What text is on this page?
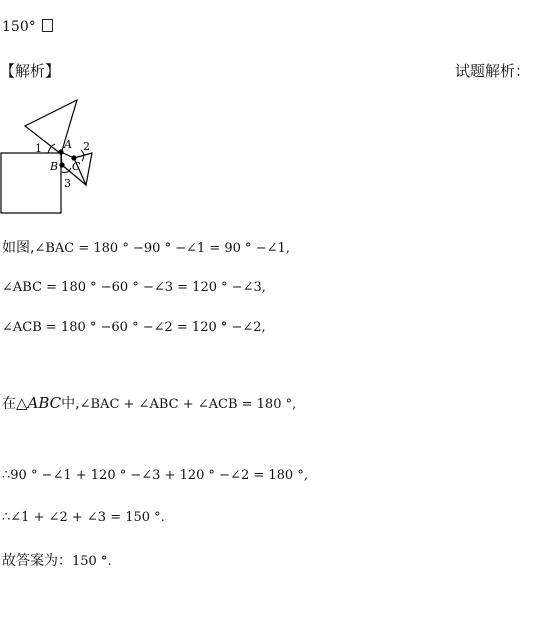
150°
【解析】	试题解析：
1	2
3
A
B C
如图,∠BAC = 180 ° −90 ° −∠1 = 90 ° −∠1,
∠ABC = 180 ° −60 ° −∠3 = 120 ° −∠3,
∠ACB = 180 ° −60 ° −∠2 = 120 ° −∠2,
在△ABC中,∠BAC + ∠ABC + ∠ACB = 180 °,
∴90 ° −∠1 + 120 ° −∠3 + 120 ° −∠2 = 180 °,
∴∠1 + ∠2 + ∠3 = 150 °.
故答案为：150 °.
